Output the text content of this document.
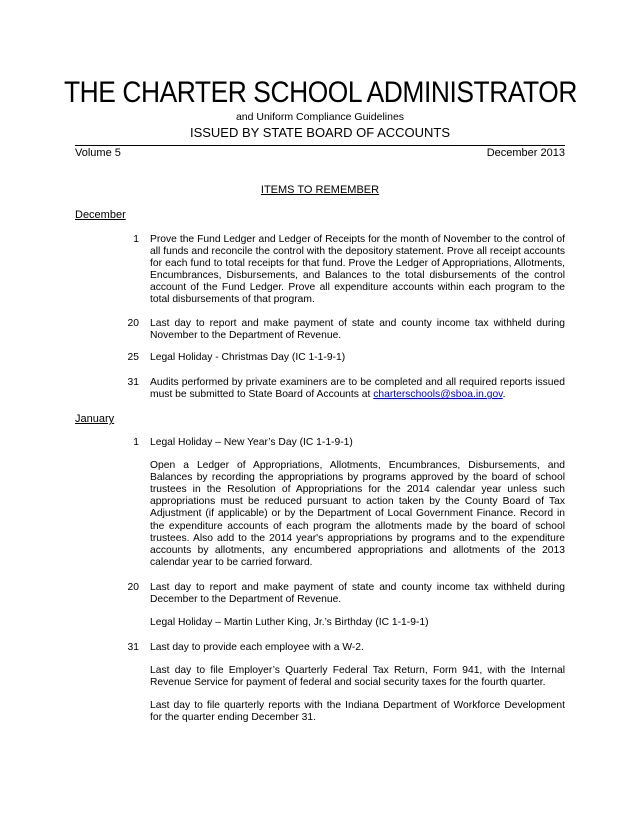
THE CHARTER SCHOOL ADMINISTRATOR
and Uniform Compliance Guidelines
ISSUED BY STATE BOARD OF ACCOUNTS
Volume 5	December 2013
ITEMS TO REMEMBER
December
1 Prove the Fund Ledger and Ledger of Receipts for the month of November to the control of all funds and reconcile the control with the depository statement. Prove all receipt accounts for each fund to total receipts for that fund. Prove the Ledger of Appropriations, Allotments, Encumbrances, Disbursements, and Balances to the total disbursements of the control account of the Fund Ledger. Prove all expenditure accounts within each program to the total disbursements of that program.

20 Last day to report and make payment of state and county income tax withheld during November to the Department of Revenue.

25 Legal Holiday - Christmas Day (IC 1-1-9-1)

31 Audits performed by private examiners are to be completed and all required reports issued must be submitted to State Board of Accounts at charterschools@sboa.in.gov.

January
1 Legal Holiday – New Year’s Day (IC 1-1-9-1)

Open a Ledger of Appropriations, Allotments, Encumbrances, Disbursements, and Balances by recording the appropriations by programs approved by the board of school trustees in the Resolution of Appropriations for the 2014 calendar year unless such appropriations must be reduced pursuant to action taken by the County Board of Tax Adjustment (if applicable) or by the Department of Local Government Finance. Record in the expenditure accounts of each program the allotments made by the board of school trustees. Also add to the 2014 year's appropriations by programs and to the expenditure accounts by allotments, any encumbered appropriations and allotments of the 2013 calendar year to be carried forward.

20 Last day to report and make payment of state and county income tax withheld during December to the Department of Revenue.

Legal Holiday – Martin Luther King, Jr.’s Birthday (IC 1-1-9-1)

31 Last day to provide each employee with a W-2.

Last day to file Employer’s Quarterly Federal Tax Return, Form 941, with the Internal Revenue Service for payment of federal and social security taxes for the fourth quarter.

Last day to file quarterly reports with the Indiana Department of Workforce Development for the quarter ending December 31.
